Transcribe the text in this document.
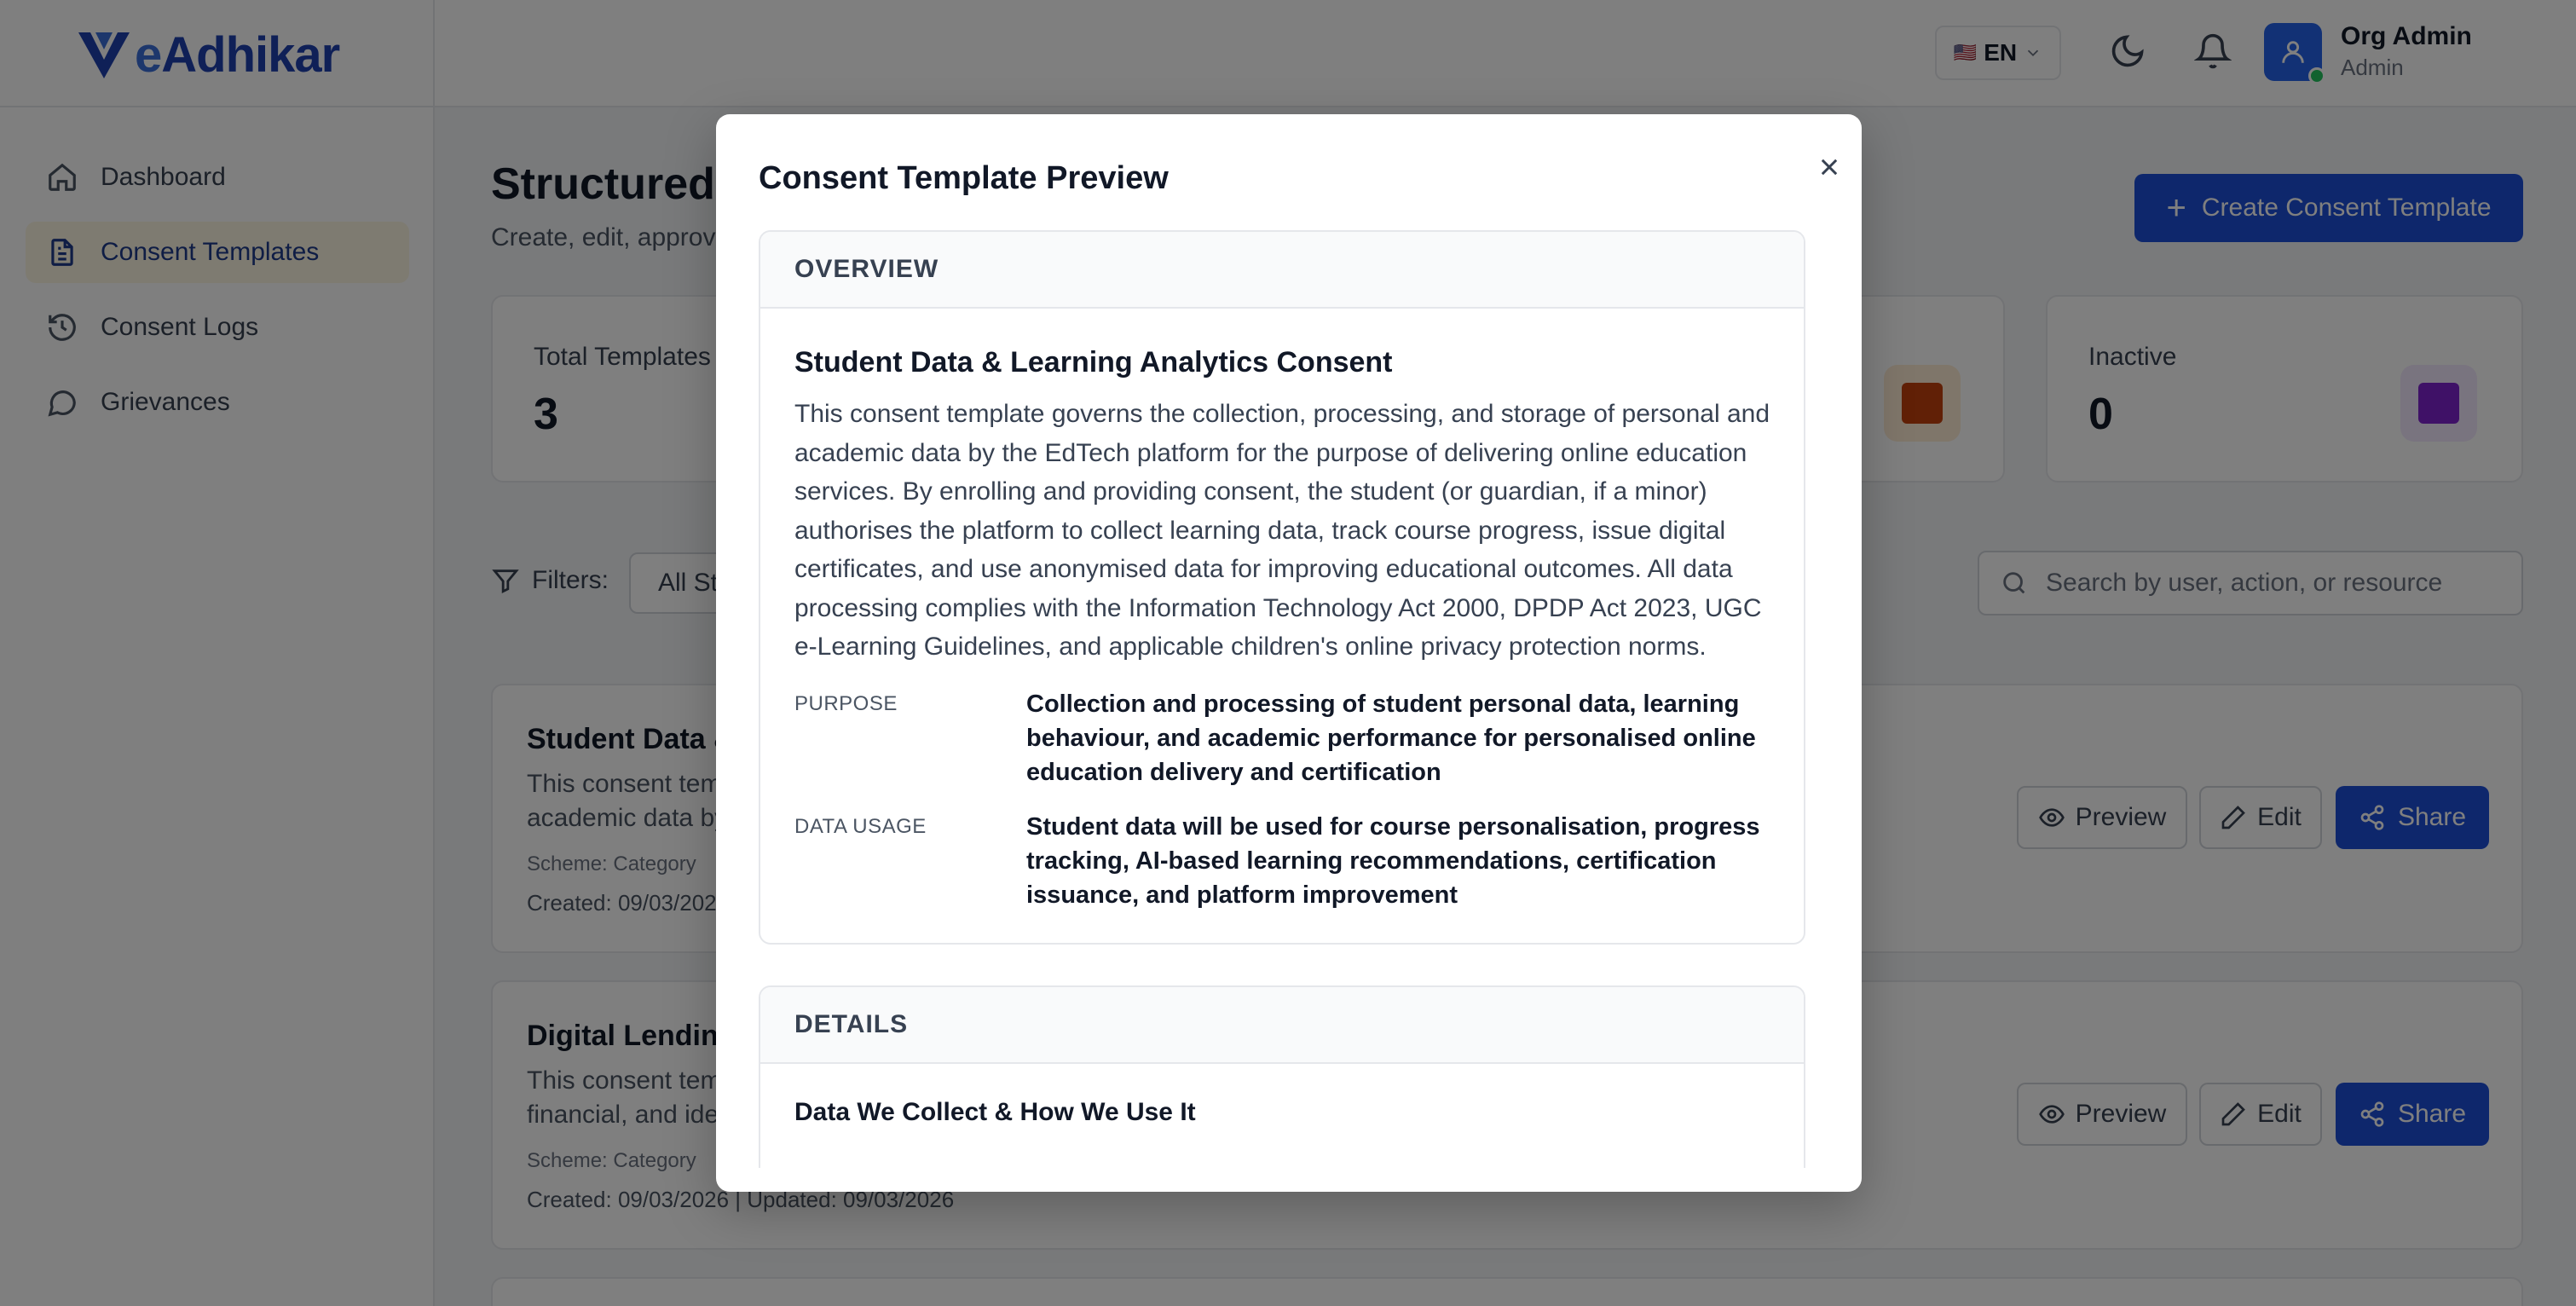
Search by user, action, or resource
Consent Template Preview
OVERVIEW
Student Data & Learning Analytics Consent

This consent template governs the collection, processing, and storage of personal and academic data by the EdTech platform for the purpose of delivering online education services. By enrolling and providing consent, the student (or guardian, if a minor) authorises the platform to collect learning data, track course progress, issue digital certificates, and use anonymised data for improving educational outcomes. All data processing complies with the Information Technology Act 2000, DPDP Act 2023, UGC e-Learning Guidelines, and applicable children's online privacy protection norms.

PURPOSE	Collection and processing of student personal data, learning behaviour, and academic performance for personalised online education delivery and certification
DATA USAGE	Student data will be used for course personalisation, progress tracking, AI-based learning recommendations, certification issuance, and platform improvement
DETAILS
Data We Collect & How We Use It
